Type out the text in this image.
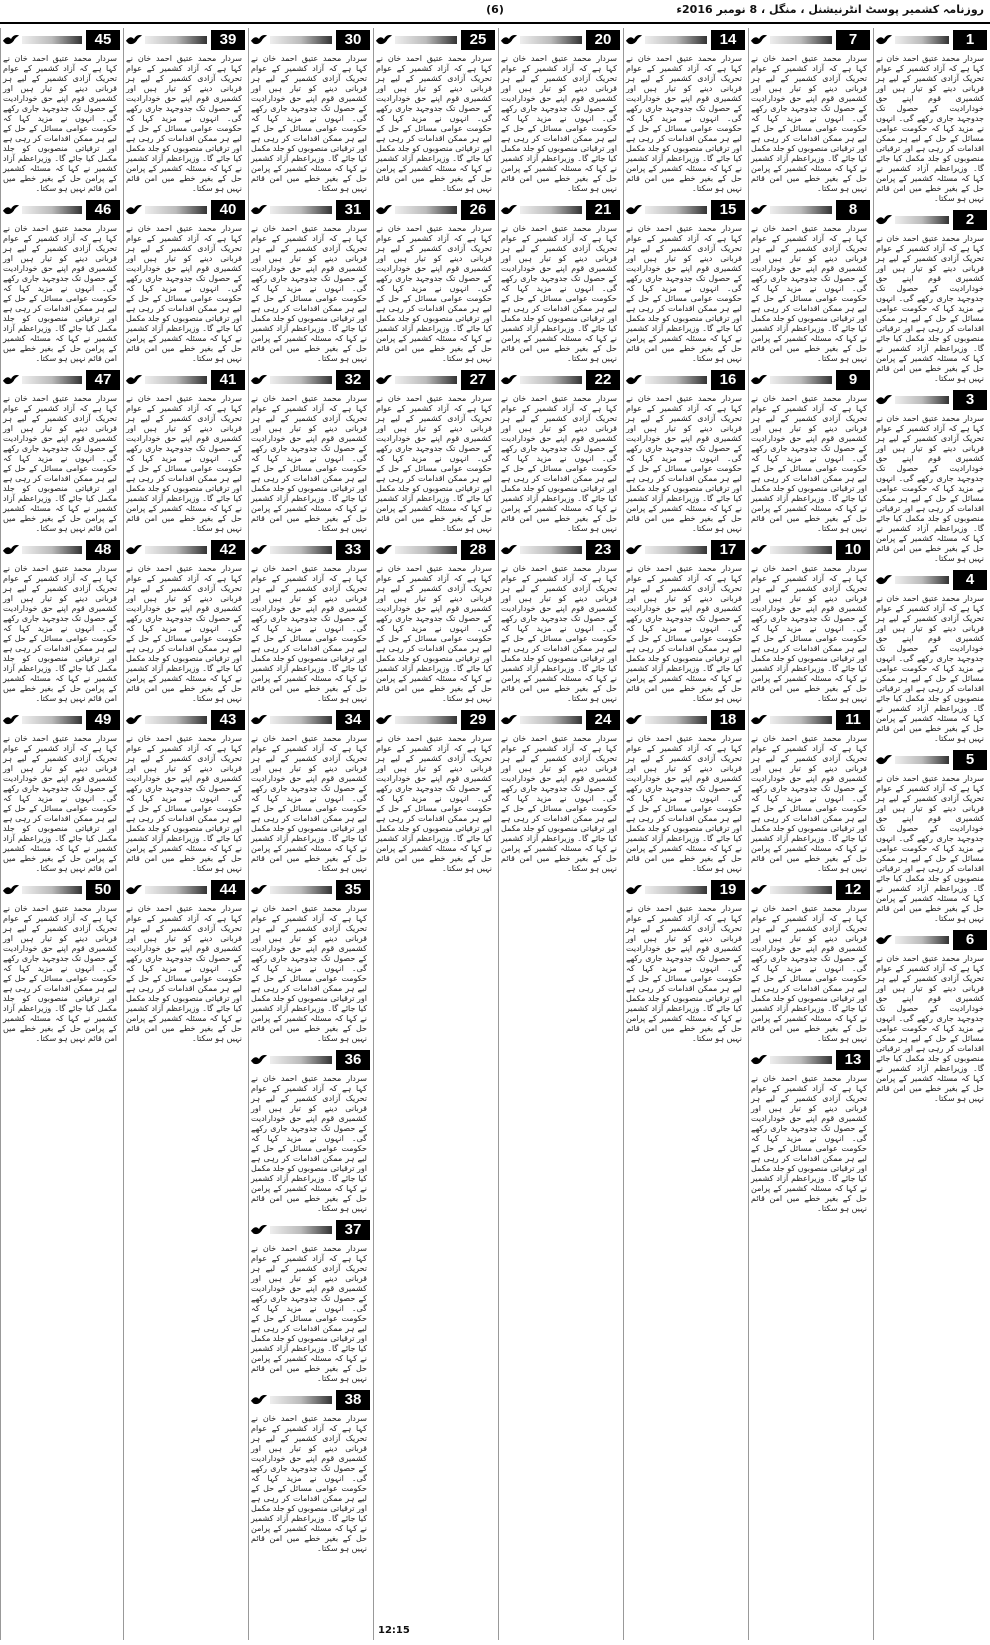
روزنامہ کشمیر پوسٹ انٹرنیشنل ، منگل ، 8 نومبر 2016ء
(6)
1
سردار محمد عتیق احمد خان نے کہا ہے کہ آزاد کشمیر کے عوام تحریک آزادی کشمیر کے لیے ہر قربانی دینے کو تیار ہیں اور کشمیری قوم اپنے حق خودارادیت کے حصول تک جدوجہد جاری رکھے گی۔ انہوں نے مزید کہا کہ حکومت عوامی مسائل کے حل کے لیے ہر ممکن اقدامات کر رہی ہے اور ترقیاتی منصوبوں کو جلد مکمل کیا جائے گا۔ وزیراعظم آزاد کشمیر نے کہا کہ مسئلہ کشمیر کے پرامن حل کے بغیر خطے میں امن قائم نہیں ہو سکتا۔
2
سردار محمد عتیق احمد خان نے کہا ہے کہ آزاد کشمیر کے عوام تحریک آزادی کشمیر کے لیے ہر قربانی دینے کو تیار ہیں اور کشمیری قوم اپنے حق خودارادیت کے حصول تک جدوجہد جاری رکھے گی۔ انہوں نے مزید کہا کہ حکومت عوامی مسائل کے حل کے لیے ہر ممکن اقدامات کر رہی ہے اور ترقیاتی منصوبوں کو جلد مکمل کیا جائے گا۔ وزیراعظم آزاد کشمیر نے کہا کہ مسئلہ کشمیر کے پرامن حل کے بغیر خطے میں امن قائم نہیں ہو سکتا۔
3
سردار محمد عتیق احمد خان نے کہا ہے کہ آزاد کشمیر کے عوام تحریک آزادی کشمیر کے لیے ہر قربانی دینے کو تیار ہیں اور کشمیری قوم اپنے حق خودارادیت کے حصول تک جدوجہد جاری رکھے گی۔ انہوں نے مزید کہا کہ حکومت عوامی مسائل کے حل کے لیے ہر ممکن اقدامات کر رہی ہے اور ترقیاتی منصوبوں کو جلد مکمل کیا جائے گا۔ وزیراعظم آزاد کشمیر نے کہا کہ مسئلہ کشمیر کے پرامن حل کے بغیر خطے میں امن قائم نہیں ہو سکتا۔
4
سردار محمد عتیق احمد خان نے کہا ہے کہ آزاد کشمیر کے عوام تحریک آزادی کشمیر کے لیے ہر قربانی دینے کو تیار ہیں اور کشمیری قوم اپنے حق خودارادیت کے حصول تک جدوجہد جاری رکھے گی۔ انہوں نے مزید کہا کہ حکومت عوامی مسائل کے حل کے لیے ہر ممکن اقدامات کر رہی ہے اور ترقیاتی منصوبوں کو جلد مکمل کیا جائے گا۔ وزیراعظم آزاد کشمیر نے کہا کہ مسئلہ کشمیر کے پرامن حل کے بغیر خطے میں امن قائم نہیں ہو سکتا۔
5
سردار محمد عتیق احمد خان نے کہا ہے کہ آزاد کشمیر کے عوام تحریک آزادی کشمیر کے لیے ہر قربانی دینے کو تیار ہیں اور کشمیری قوم اپنے حق خودارادیت کے حصول تک جدوجہد جاری رکھے گی۔ انہوں نے مزید کہا کہ حکومت عوامی مسائل کے حل کے لیے ہر ممکن اقدامات کر رہی ہے اور ترقیاتی منصوبوں کو جلد مکمل کیا جائے گا۔ وزیراعظم آزاد کشمیر نے کہا کہ مسئلہ کشمیر کے پرامن حل کے بغیر خطے میں امن قائم نہیں ہو سکتا۔
6
سردار محمد عتیق احمد خان نے کہا ہے کہ آزاد کشمیر کے عوام تحریک آزادی کشمیر کے لیے ہر قربانی دینے کو تیار ہیں اور کشمیری قوم اپنے حق خودارادیت کے حصول تک جدوجہد جاری رکھے گی۔ انہوں نے مزید کہا کہ حکومت عوامی مسائل کے حل کے لیے ہر ممکن اقدامات کر رہی ہے اور ترقیاتی منصوبوں کو جلد مکمل کیا جائے گا۔ وزیراعظم آزاد کشمیر نے کہا کہ مسئلہ کشمیر کے پرامن حل کے بغیر خطے میں امن قائم نہیں ہو سکتا۔
7
سردار محمد عتیق احمد خان نے کہا ہے کہ آزاد کشمیر کے عوام تحریک آزادی کشمیر کے لیے ہر قربانی دینے کو تیار ہیں اور کشمیری قوم اپنے حق خودارادیت کے حصول تک جدوجہد جاری رکھے گی۔ انہوں نے مزید کہا کہ حکومت عوامی مسائل کے حل کے لیے ہر ممکن اقدامات کر رہی ہے اور ترقیاتی منصوبوں کو جلد مکمل کیا جائے گا۔ وزیراعظم آزاد کشمیر نے کہا کہ مسئلہ کشمیر کے پرامن حل کے بغیر خطے میں امن قائم نہیں ہو سکتا۔
8
سردار محمد عتیق احمد خان نے کہا ہے کہ آزاد کشمیر کے عوام تحریک آزادی کشمیر کے لیے ہر قربانی دینے کو تیار ہیں اور کشمیری قوم اپنے حق خودارادیت کے حصول تک جدوجہد جاری رکھے گی۔ انہوں نے مزید کہا کہ حکومت عوامی مسائل کے حل کے لیے ہر ممکن اقدامات کر رہی ہے اور ترقیاتی منصوبوں کو جلد مکمل کیا جائے گا۔ وزیراعظم آزاد کشمیر نے کہا کہ مسئلہ کشمیر کے پرامن حل کے بغیر خطے میں امن قائم نہیں ہو سکتا۔
9
سردار محمد عتیق احمد خان نے کہا ہے کہ آزاد کشمیر کے عوام تحریک آزادی کشمیر کے لیے ہر قربانی دینے کو تیار ہیں اور کشمیری قوم اپنے حق خودارادیت کے حصول تک جدوجہد جاری رکھے گی۔ انہوں نے مزید کہا کہ حکومت عوامی مسائل کے حل کے لیے ہر ممکن اقدامات کر رہی ہے اور ترقیاتی منصوبوں کو جلد مکمل کیا جائے گا۔ وزیراعظم آزاد کشمیر نے کہا کہ مسئلہ کشمیر کے پرامن حل کے بغیر خطے میں امن قائم نہیں ہو سکتا۔
10
سردار محمد عتیق احمد خان نے کہا ہے کہ آزاد کشمیر کے عوام تحریک آزادی کشمیر کے لیے ہر قربانی دینے کو تیار ہیں اور کشمیری قوم اپنے حق خودارادیت کے حصول تک جدوجہد جاری رکھے گی۔ انہوں نے مزید کہا کہ حکومت عوامی مسائل کے حل کے لیے ہر ممکن اقدامات کر رہی ہے اور ترقیاتی منصوبوں کو جلد مکمل کیا جائے گا۔ وزیراعظم آزاد کشمیر نے کہا کہ مسئلہ کشمیر کے پرامن حل کے بغیر خطے میں امن قائم نہیں ہو سکتا۔
11
سردار محمد عتیق احمد خان نے کہا ہے کہ آزاد کشمیر کے عوام تحریک آزادی کشمیر کے لیے ہر قربانی دینے کو تیار ہیں اور کشمیری قوم اپنے حق خودارادیت کے حصول تک جدوجہد جاری رکھے گی۔ انہوں نے مزید کہا کہ حکومت عوامی مسائل کے حل کے لیے ہر ممکن اقدامات کر رہی ہے اور ترقیاتی منصوبوں کو جلد مکمل کیا جائے گا۔ وزیراعظم آزاد کشمیر نے کہا کہ مسئلہ کشمیر کے پرامن حل کے بغیر خطے میں امن قائم نہیں ہو سکتا۔
12
سردار محمد عتیق احمد خان نے کہا ہے کہ آزاد کشمیر کے عوام تحریک آزادی کشمیر کے لیے ہر قربانی دینے کو تیار ہیں اور کشمیری قوم اپنے حق خودارادیت کے حصول تک جدوجہد جاری رکھے گی۔ انہوں نے مزید کہا کہ حکومت عوامی مسائل کے حل کے لیے ہر ممکن اقدامات کر رہی ہے اور ترقیاتی منصوبوں کو جلد مکمل کیا جائے گا۔ وزیراعظم آزاد کشمیر نے کہا کہ مسئلہ کشمیر کے پرامن حل کے بغیر خطے میں امن قائم نہیں ہو سکتا۔
13
سردار محمد عتیق احمد خان نے کہا ہے کہ آزاد کشمیر کے عوام تحریک آزادی کشمیر کے لیے ہر قربانی دینے کو تیار ہیں اور کشمیری قوم اپنے حق خودارادیت کے حصول تک جدوجہد جاری رکھے گی۔ انہوں نے مزید کہا کہ حکومت عوامی مسائل کے حل کے لیے ہر ممکن اقدامات کر رہی ہے اور ترقیاتی منصوبوں کو جلد مکمل کیا جائے گا۔ وزیراعظم آزاد کشمیر نے کہا کہ مسئلہ کشمیر کے پرامن حل کے بغیر خطے میں امن قائم نہیں ہو سکتا۔
14
سردار محمد عتیق احمد خان نے کہا ہے کہ آزاد کشمیر کے عوام تحریک آزادی کشمیر کے لیے ہر قربانی دینے کو تیار ہیں اور کشمیری قوم اپنے حق خودارادیت کے حصول تک جدوجہد جاری رکھے گی۔ انہوں نے مزید کہا کہ حکومت عوامی مسائل کے حل کے لیے ہر ممکن اقدامات کر رہی ہے اور ترقیاتی منصوبوں کو جلد مکمل کیا جائے گا۔ وزیراعظم آزاد کشمیر نے کہا کہ مسئلہ کشمیر کے پرامن حل کے بغیر خطے میں امن قائم نہیں ہو سکتا۔
15
سردار محمد عتیق احمد خان نے کہا ہے کہ آزاد کشمیر کے عوام تحریک آزادی کشمیر کے لیے ہر قربانی دینے کو تیار ہیں اور کشمیری قوم اپنے حق خودارادیت کے حصول تک جدوجہد جاری رکھے گی۔ انہوں نے مزید کہا کہ حکومت عوامی مسائل کے حل کے لیے ہر ممکن اقدامات کر رہی ہے اور ترقیاتی منصوبوں کو جلد مکمل کیا جائے گا۔ وزیراعظم آزاد کشمیر نے کہا کہ مسئلہ کشمیر کے پرامن حل کے بغیر خطے میں امن قائم نہیں ہو سکتا۔
16
سردار محمد عتیق احمد خان نے کہا ہے کہ آزاد کشمیر کے عوام تحریک آزادی کشمیر کے لیے ہر قربانی دینے کو تیار ہیں اور کشمیری قوم اپنے حق خودارادیت کے حصول تک جدوجہد جاری رکھے گی۔ انہوں نے مزید کہا کہ حکومت عوامی مسائل کے حل کے لیے ہر ممکن اقدامات کر رہی ہے اور ترقیاتی منصوبوں کو جلد مکمل کیا جائے گا۔ وزیراعظم آزاد کشمیر نے کہا کہ مسئلہ کشمیر کے پرامن حل کے بغیر خطے میں امن قائم نہیں ہو سکتا۔
17
سردار محمد عتیق احمد خان نے کہا ہے کہ آزاد کشمیر کے عوام تحریک آزادی کشمیر کے لیے ہر قربانی دینے کو تیار ہیں اور کشمیری قوم اپنے حق خودارادیت کے حصول تک جدوجہد جاری رکھے گی۔ انہوں نے مزید کہا کہ حکومت عوامی مسائل کے حل کے لیے ہر ممکن اقدامات کر رہی ہے اور ترقیاتی منصوبوں کو جلد مکمل کیا جائے گا۔ وزیراعظم آزاد کشمیر نے کہا کہ مسئلہ کشمیر کے پرامن حل کے بغیر خطے میں امن قائم نہیں ہو سکتا۔
18
سردار محمد عتیق احمد خان نے کہا ہے کہ آزاد کشمیر کے عوام تحریک آزادی کشمیر کے لیے ہر قربانی دینے کو تیار ہیں اور کشمیری قوم اپنے حق خودارادیت کے حصول تک جدوجہد جاری رکھے گی۔ انہوں نے مزید کہا کہ حکومت عوامی مسائل کے حل کے لیے ہر ممکن اقدامات کر رہی ہے اور ترقیاتی منصوبوں کو جلد مکمل کیا جائے گا۔ وزیراعظم آزاد کشمیر نے کہا کہ مسئلہ کشمیر کے پرامن حل کے بغیر خطے میں امن قائم نہیں ہو سکتا۔
19
سردار محمد عتیق احمد خان نے کہا ہے کہ آزاد کشمیر کے عوام تحریک آزادی کشمیر کے لیے ہر قربانی دینے کو تیار ہیں اور کشمیری قوم اپنے حق خودارادیت کے حصول تک جدوجہد جاری رکھے گی۔ انہوں نے مزید کہا کہ حکومت عوامی مسائل کے حل کے لیے ہر ممکن اقدامات کر رہی ہے اور ترقیاتی منصوبوں کو جلد مکمل کیا جائے گا۔ وزیراعظم آزاد کشمیر نے کہا کہ مسئلہ کشمیر کے پرامن حل کے بغیر خطے میں امن قائم نہیں ہو سکتا۔
20
سردار محمد عتیق احمد خان نے کہا ہے کہ آزاد کشمیر کے عوام تحریک آزادی کشمیر کے لیے ہر قربانی دینے کو تیار ہیں اور کشمیری قوم اپنے حق خودارادیت کے حصول تک جدوجہد جاری رکھے گی۔ انہوں نے مزید کہا کہ حکومت عوامی مسائل کے حل کے لیے ہر ممکن اقدامات کر رہی ہے اور ترقیاتی منصوبوں کو جلد مکمل کیا جائے گا۔ وزیراعظم آزاد کشمیر نے کہا کہ مسئلہ کشمیر کے پرامن حل کے بغیر خطے میں امن قائم نہیں ہو سکتا۔
21
سردار محمد عتیق احمد خان نے کہا ہے کہ آزاد کشمیر کے عوام تحریک آزادی کشمیر کے لیے ہر قربانی دینے کو تیار ہیں اور کشمیری قوم اپنے حق خودارادیت کے حصول تک جدوجہد جاری رکھے گی۔ انہوں نے مزید کہا کہ حکومت عوامی مسائل کے حل کے لیے ہر ممکن اقدامات کر رہی ہے اور ترقیاتی منصوبوں کو جلد مکمل کیا جائے گا۔ وزیراعظم آزاد کشمیر نے کہا کہ مسئلہ کشمیر کے پرامن حل کے بغیر خطے میں امن قائم نہیں ہو سکتا۔
22
سردار محمد عتیق احمد خان نے کہا ہے کہ آزاد کشمیر کے عوام تحریک آزادی کشمیر کے لیے ہر قربانی دینے کو تیار ہیں اور کشمیری قوم اپنے حق خودارادیت کے حصول تک جدوجہد جاری رکھے گی۔ انہوں نے مزید کہا کہ حکومت عوامی مسائل کے حل کے لیے ہر ممکن اقدامات کر رہی ہے اور ترقیاتی منصوبوں کو جلد مکمل کیا جائے گا۔ وزیراعظم آزاد کشمیر نے کہا کہ مسئلہ کشمیر کے پرامن حل کے بغیر خطے میں امن قائم نہیں ہو سکتا۔
23
سردار محمد عتیق احمد خان نے کہا ہے کہ آزاد کشمیر کے عوام تحریک آزادی کشمیر کے لیے ہر قربانی دینے کو تیار ہیں اور کشمیری قوم اپنے حق خودارادیت کے حصول تک جدوجہد جاری رکھے گی۔ انہوں نے مزید کہا کہ حکومت عوامی مسائل کے حل کے لیے ہر ممکن اقدامات کر رہی ہے اور ترقیاتی منصوبوں کو جلد مکمل کیا جائے گا۔ وزیراعظم آزاد کشمیر نے کہا کہ مسئلہ کشمیر کے پرامن حل کے بغیر خطے میں امن قائم نہیں ہو سکتا۔
24
سردار محمد عتیق احمد خان نے کہا ہے کہ آزاد کشمیر کے عوام تحریک آزادی کشمیر کے لیے ہر قربانی دینے کو تیار ہیں اور کشمیری قوم اپنے حق خودارادیت کے حصول تک جدوجہد جاری رکھے گی۔ انہوں نے مزید کہا کہ حکومت عوامی مسائل کے حل کے لیے ہر ممکن اقدامات کر رہی ہے اور ترقیاتی منصوبوں کو جلد مکمل کیا جائے گا۔ وزیراعظم آزاد کشمیر نے کہا کہ مسئلہ کشمیر کے پرامن حل کے بغیر خطے میں امن قائم نہیں ہو سکتا۔
25
سردار محمد عتیق احمد خان نے کہا ہے کہ آزاد کشمیر کے عوام تحریک آزادی کشمیر کے لیے ہر قربانی دینے کو تیار ہیں اور کشمیری قوم اپنے حق خودارادیت کے حصول تک جدوجہد جاری رکھے گی۔ انہوں نے مزید کہا کہ حکومت عوامی مسائل کے حل کے لیے ہر ممکن اقدامات کر رہی ہے اور ترقیاتی منصوبوں کو جلد مکمل کیا جائے گا۔ وزیراعظم آزاد کشمیر نے کہا کہ مسئلہ کشمیر کے پرامن حل کے بغیر خطے میں امن قائم نہیں ہو سکتا۔
26
سردار محمد عتیق احمد خان نے کہا ہے کہ آزاد کشمیر کے عوام تحریک آزادی کشمیر کے لیے ہر قربانی دینے کو تیار ہیں اور کشمیری قوم اپنے حق خودارادیت کے حصول تک جدوجہد جاری رکھے گی۔ انہوں نے مزید کہا کہ حکومت عوامی مسائل کے حل کے لیے ہر ممکن اقدامات کر رہی ہے اور ترقیاتی منصوبوں کو جلد مکمل کیا جائے گا۔ وزیراعظم آزاد کشمیر نے کہا کہ مسئلہ کشمیر کے پرامن حل کے بغیر خطے میں امن قائم نہیں ہو سکتا۔
27
سردار محمد عتیق احمد خان نے کہا ہے کہ آزاد کشمیر کے عوام تحریک آزادی کشمیر کے لیے ہر قربانی دینے کو تیار ہیں اور کشمیری قوم اپنے حق خودارادیت کے حصول تک جدوجہد جاری رکھے گی۔ انہوں نے مزید کہا کہ حکومت عوامی مسائل کے حل کے لیے ہر ممکن اقدامات کر رہی ہے اور ترقیاتی منصوبوں کو جلد مکمل کیا جائے گا۔ وزیراعظم آزاد کشمیر نے کہا کہ مسئلہ کشمیر کے پرامن حل کے بغیر خطے میں امن قائم نہیں ہو سکتا۔
28
سردار محمد عتیق احمد خان نے کہا ہے کہ آزاد کشمیر کے عوام تحریک آزادی کشمیر کے لیے ہر قربانی دینے کو تیار ہیں اور کشمیری قوم اپنے حق خودارادیت کے حصول تک جدوجہد جاری رکھے گی۔ انہوں نے مزید کہا کہ حکومت عوامی مسائل کے حل کے لیے ہر ممکن اقدامات کر رہی ہے اور ترقیاتی منصوبوں کو جلد مکمل کیا جائے گا۔ وزیراعظم آزاد کشمیر نے کہا کہ مسئلہ کشمیر کے پرامن حل کے بغیر خطے میں امن قائم نہیں ہو سکتا۔
29
سردار محمد عتیق احمد خان نے کہا ہے کہ آزاد کشمیر کے عوام تحریک آزادی کشمیر کے لیے ہر قربانی دینے کو تیار ہیں اور کشمیری قوم اپنے حق خودارادیت کے حصول تک جدوجہد جاری رکھے گی۔ انہوں نے مزید کہا کہ حکومت عوامی مسائل کے حل کے لیے ہر ممکن اقدامات کر رہی ہے اور ترقیاتی منصوبوں کو جلد مکمل کیا جائے گا۔ وزیراعظم آزاد کشمیر نے کہا کہ مسئلہ کشمیر کے پرامن حل کے بغیر خطے میں امن قائم نہیں ہو سکتا۔
30
سردار محمد عتیق احمد خان نے کہا ہے کہ آزاد کشمیر کے عوام تحریک آزادی کشمیر کے لیے ہر قربانی دینے کو تیار ہیں اور کشمیری قوم اپنے حق خودارادیت کے حصول تک جدوجہد جاری رکھے گی۔ انہوں نے مزید کہا کہ حکومت عوامی مسائل کے حل کے لیے ہر ممکن اقدامات کر رہی ہے اور ترقیاتی منصوبوں کو جلد مکمل کیا جائے گا۔ وزیراعظم آزاد کشمیر نے کہا کہ مسئلہ کشمیر کے پرامن حل کے بغیر خطے میں امن قائم نہیں ہو سکتا۔
31
سردار محمد عتیق احمد خان نے کہا ہے کہ آزاد کشمیر کے عوام تحریک آزادی کشمیر کے لیے ہر قربانی دینے کو تیار ہیں اور کشمیری قوم اپنے حق خودارادیت کے حصول تک جدوجہد جاری رکھے گی۔ انہوں نے مزید کہا کہ حکومت عوامی مسائل کے حل کے لیے ہر ممکن اقدامات کر رہی ہے اور ترقیاتی منصوبوں کو جلد مکمل کیا جائے گا۔ وزیراعظم آزاد کشمیر نے کہا کہ مسئلہ کشمیر کے پرامن حل کے بغیر خطے میں امن قائم نہیں ہو سکتا۔
32
سردار محمد عتیق احمد خان نے کہا ہے کہ آزاد کشمیر کے عوام تحریک آزادی کشمیر کے لیے ہر قربانی دینے کو تیار ہیں اور کشمیری قوم اپنے حق خودارادیت کے حصول تک جدوجہد جاری رکھے گی۔ انہوں نے مزید کہا کہ حکومت عوامی مسائل کے حل کے لیے ہر ممکن اقدامات کر رہی ہے اور ترقیاتی منصوبوں کو جلد مکمل کیا جائے گا۔ وزیراعظم آزاد کشمیر نے کہا کہ مسئلہ کشمیر کے پرامن حل کے بغیر خطے میں امن قائم نہیں ہو سکتا۔
33
سردار محمد عتیق احمد خان نے کہا ہے کہ آزاد کشمیر کے عوام تحریک آزادی کشمیر کے لیے ہر قربانی دینے کو تیار ہیں اور کشمیری قوم اپنے حق خودارادیت کے حصول تک جدوجہد جاری رکھے گی۔ انہوں نے مزید کہا کہ حکومت عوامی مسائل کے حل کے لیے ہر ممکن اقدامات کر رہی ہے اور ترقیاتی منصوبوں کو جلد مکمل کیا جائے گا۔ وزیراعظم آزاد کشمیر نے کہا کہ مسئلہ کشمیر کے پرامن حل کے بغیر خطے میں امن قائم نہیں ہو سکتا۔
34
سردار محمد عتیق احمد خان نے کہا ہے کہ آزاد کشمیر کے عوام تحریک آزادی کشمیر کے لیے ہر قربانی دینے کو تیار ہیں اور کشمیری قوم اپنے حق خودارادیت کے حصول تک جدوجہد جاری رکھے گی۔ انہوں نے مزید کہا کہ حکومت عوامی مسائل کے حل کے لیے ہر ممکن اقدامات کر رہی ہے اور ترقیاتی منصوبوں کو جلد مکمل کیا جائے گا۔ وزیراعظم آزاد کشمیر نے کہا کہ مسئلہ کشمیر کے پرامن حل کے بغیر خطے میں امن قائم نہیں ہو سکتا۔
35
سردار محمد عتیق احمد خان نے کہا ہے کہ آزاد کشمیر کے عوام تحریک آزادی کشمیر کے لیے ہر قربانی دینے کو تیار ہیں اور کشمیری قوم اپنے حق خودارادیت کے حصول تک جدوجہد جاری رکھے گی۔ انہوں نے مزید کہا کہ حکومت عوامی مسائل کے حل کے لیے ہر ممکن اقدامات کر رہی ہے اور ترقیاتی منصوبوں کو جلد مکمل کیا جائے گا۔ وزیراعظم آزاد کشمیر نے کہا کہ مسئلہ کشمیر کے پرامن حل کے بغیر خطے میں امن قائم نہیں ہو سکتا۔
36
سردار محمد عتیق احمد خان نے کہا ہے کہ آزاد کشمیر کے عوام تحریک آزادی کشمیر کے لیے ہر قربانی دینے کو تیار ہیں اور کشمیری قوم اپنے حق خودارادیت کے حصول تک جدوجہد جاری رکھے گی۔ انہوں نے مزید کہا کہ حکومت عوامی مسائل کے حل کے لیے ہر ممکن اقدامات کر رہی ہے اور ترقیاتی منصوبوں کو جلد مکمل کیا جائے گا۔ وزیراعظم آزاد کشمیر نے کہا کہ مسئلہ کشمیر کے پرامن حل کے بغیر خطے میں امن قائم نہیں ہو سکتا۔
37
سردار محمد عتیق احمد خان نے کہا ہے کہ آزاد کشمیر کے عوام تحریک آزادی کشمیر کے لیے ہر قربانی دینے کو تیار ہیں اور کشمیری قوم اپنے حق خودارادیت کے حصول تک جدوجہد جاری رکھے گی۔ انہوں نے مزید کہا کہ حکومت عوامی مسائل کے حل کے لیے ہر ممکن اقدامات کر رہی ہے اور ترقیاتی منصوبوں کو جلد مکمل کیا جائے گا۔ وزیراعظم آزاد کشمیر نے کہا کہ مسئلہ کشمیر کے پرامن حل کے بغیر خطے میں امن قائم نہیں ہو سکتا۔
38
سردار محمد عتیق احمد خان نے کہا ہے کہ آزاد کشمیر کے عوام تحریک آزادی کشمیر کے لیے ہر قربانی دینے کو تیار ہیں اور کشمیری قوم اپنے حق خودارادیت کے حصول تک جدوجہد جاری رکھے گی۔ انہوں نے مزید کہا کہ حکومت عوامی مسائل کے حل کے لیے ہر ممکن اقدامات کر رہی ہے اور ترقیاتی منصوبوں کو جلد مکمل کیا جائے گا۔ وزیراعظم آزاد کشمیر نے کہا کہ مسئلہ کشمیر کے پرامن حل کے بغیر خطے میں امن قائم نہیں ہو سکتا۔
39
سردار محمد عتیق احمد خان نے کہا ہے کہ آزاد کشمیر کے عوام تحریک آزادی کشمیر کے لیے ہر قربانی دینے کو تیار ہیں اور کشمیری قوم اپنے حق خودارادیت کے حصول تک جدوجہد جاری رکھے گی۔ انہوں نے مزید کہا کہ حکومت عوامی مسائل کے حل کے لیے ہر ممکن اقدامات کر رہی ہے اور ترقیاتی منصوبوں کو جلد مکمل کیا جائے گا۔ وزیراعظم آزاد کشمیر نے کہا کہ مسئلہ کشمیر کے پرامن حل کے بغیر خطے میں امن قائم نہیں ہو سکتا۔
40
سردار محمد عتیق احمد خان نے کہا ہے کہ آزاد کشمیر کے عوام تحریک آزادی کشمیر کے لیے ہر قربانی دینے کو تیار ہیں اور کشمیری قوم اپنے حق خودارادیت کے حصول تک جدوجہد جاری رکھے گی۔ انہوں نے مزید کہا کہ حکومت عوامی مسائل کے حل کے لیے ہر ممکن اقدامات کر رہی ہے اور ترقیاتی منصوبوں کو جلد مکمل کیا جائے گا۔ وزیراعظم آزاد کشمیر نے کہا کہ مسئلہ کشمیر کے پرامن حل کے بغیر خطے میں امن قائم نہیں ہو سکتا۔
41
سردار محمد عتیق احمد خان نے کہا ہے کہ آزاد کشمیر کے عوام تحریک آزادی کشمیر کے لیے ہر قربانی دینے کو تیار ہیں اور کشمیری قوم اپنے حق خودارادیت کے حصول تک جدوجہد جاری رکھے گی۔ انہوں نے مزید کہا کہ حکومت عوامی مسائل کے حل کے لیے ہر ممکن اقدامات کر رہی ہے اور ترقیاتی منصوبوں کو جلد مکمل کیا جائے گا۔ وزیراعظم آزاد کشمیر نے کہا کہ مسئلہ کشمیر کے پرامن حل کے بغیر خطے میں امن قائم نہیں ہو سکتا۔
42
سردار محمد عتیق احمد خان نے کہا ہے کہ آزاد کشمیر کے عوام تحریک آزادی کشمیر کے لیے ہر قربانی دینے کو تیار ہیں اور کشمیری قوم اپنے حق خودارادیت کے حصول تک جدوجہد جاری رکھے گی۔ انہوں نے مزید کہا کہ حکومت عوامی مسائل کے حل کے لیے ہر ممکن اقدامات کر رہی ہے اور ترقیاتی منصوبوں کو جلد مکمل کیا جائے گا۔ وزیراعظم آزاد کشمیر نے کہا کہ مسئلہ کشمیر کے پرامن حل کے بغیر خطے میں امن قائم نہیں ہو سکتا۔
43
سردار محمد عتیق احمد خان نے کہا ہے کہ آزاد کشمیر کے عوام تحریک آزادی کشمیر کے لیے ہر قربانی دینے کو تیار ہیں اور کشمیری قوم اپنے حق خودارادیت کے حصول تک جدوجہد جاری رکھے گی۔ انہوں نے مزید کہا کہ حکومت عوامی مسائل کے حل کے لیے ہر ممکن اقدامات کر رہی ہے اور ترقیاتی منصوبوں کو جلد مکمل کیا جائے گا۔ وزیراعظم آزاد کشمیر نے کہا کہ مسئلہ کشمیر کے پرامن حل کے بغیر خطے میں امن قائم نہیں ہو سکتا۔
44
سردار محمد عتیق احمد خان نے کہا ہے کہ آزاد کشمیر کے عوام تحریک آزادی کشمیر کے لیے ہر قربانی دینے کو تیار ہیں اور کشمیری قوم اپنے حق خودارادیت کے حصول تک جدوجہد جاری رکھے گی۔ انہوں نے مزید کہا کہ حکومت عوامی مسائل کے حل کے لیے ہر ممکن اقدامات کر رہی ہے اور ترقیاتی منصوبوں کو جلد مکمل کیا جائے گا۔ وزیراعظم آزاد کشمیر نے کہا کہ مسئلہ کشمیر کے پرامن حل کے بغیر خطے میں امن قائم نہیں ہو سکتا۔
45
سردار محمد عتیق احمد خان نے کہا ہے کہ آزاد کشمیر کے عوام تحریک آزادی کشمیر کے لیے ہر قربانی دینے کو تیار ہیں اور کشمیری قوم اپنے حق خودارادیت کے حصول تک جدوجہد جاری رکھے گی۔ انہوں نے مزید کہا کہ حکومت عوامی مسائل کے حل کے لیے ہر ممکن اقدامات کر رہی ہے اور ترقیاتی منصوبوں کو جلد مکمل کیا جائے گا۔ وزیراعظم آزاد کشمیر نے کہا کہ مسئلہ کشمیر کے پرامن حل کے بغیر خطے میں امن قائم نہیں ہو سکتا۔
46
سردار محمد عتیق احمد خان نے کہا ہے کہ آزاد کشمیر کے عوام تحریک آزادی کشمیر کے لیے ہر قربانی دینے کو تیار ہیں اور کشمیری قوم اپنے حق خودارادیت کے حصول تک جدوجہد جاری رکھے گی۔ انہوں نے مزید کہا کہ حکومت عوامی مسائل کے حل کے لیے ہر ممکن اقدامات کر رہی ہے اور ترقیاتی منصوبوں کو جلد مکمل کیا جائے گا۔ وزیراعظم آزاد کشمیر نے کہا کہ مسئلہ کشمیر کے پرامن حل کے بغیر خطے میں امن قائم نہیں ہو سکتا۔
47
سردار محمد عتیق احمد خان نے کہا ہے کہ آزاد کشمیر کے عوام تحریک آزادی کشمیر کے لیے ہر قربانی دینے کو تیار ہیں اور کشمیری قوم اپنے حق خودارادیت کے حصول تک جدوجہد جاری رکھے گی۔ انہوں نے مزید کہا کہ حکومت عوامی مسائل کے حل کے لیے ہر ممکن اقدامات کر رہی ہے اور ترقیاتی منصوبوں کو جلد مکمل کیا جائے گا۔ وزیراعظم آزاد کشمیر نے کہا کہ مسئلہ کشمیر کے پرامن حل کے بغیر خطے میں امن قائم نہیں ہو سکتا۔
48
سردار محمد عتیق احمد خان نے کہا ہے کہ آزاد کشمیر کے عوام تحریک آزادی کشمیر کے لیے ہر قربانی دینے کو تیار ہیں اور کشمیری قوم اپنے حق خودارادیت کے حصول تک جدوجہد جاری رکھے گی۔ انہوں نے مزید کہا کہ حکومت عوامی مسائل کے حل کے لیے ہر ممکن اقدامات کر رہی ہے اور ترقیاتی منصوبوں کو جلد مکمل کیا جائے گا۔ وزیراعظم آزاد کشمیر نے کہا کہ مسئلہ کشمیر کے پرامن حل کے بغیر خطے میں امن قائم نہیں ہو سکتا۔
49
سردار محمد عتیق احمد خان نے کہا ہے کہ آزاد کشمیر کے عوام تحریک آزادی کشمیر کے لیے ہر قربانی دینے کو تیار ہیں اور کشمیری قوم اپنے حق خودارادیت کے حصول تک جدوجہد جاری رکھے گی۔ انہوں نے مزید کہا کہ حکومت عوامی مسائل کے حل کے لیے ہر ممکن اقدامات کر رہی ہے اور ترقیاتی منصوبوں کو جلد مکمل کیا جائے گا۔ وزیراعظم آزاد کشمیر نے کہا کہ مسئلہ کشمیر کے پرامن حل کے بغیر خطے میں امن قائم نہیں ہو سکتا۔
50
سردار محمد عتیق احمد خان نے کہا ہے کہ آزاد کشمیر کے عوام تحریک آزادی کشمیر کے لیے ہر قربانی دینے کو تیار ہیں اور کشمیری قوم اپنے حق خودارادیت کے حصول تک جدوجہد جاری رکھے گی۔ انہوں نے مزید کہا کہ حکومت عوامی مسائل کے حل کے لیے ہر ممکن اقدامات کر رہی ہے اور ترقیاتی منصوبوں کو جلد مکمل کیا جائے گا۔ وزیراعظم آزاد کشمیر نے کہا کہ مسئلہ کشمیر کے پرامن حل کے بغیر خطے میں امن قائم نہیں ہو سکتا۔
12:15
